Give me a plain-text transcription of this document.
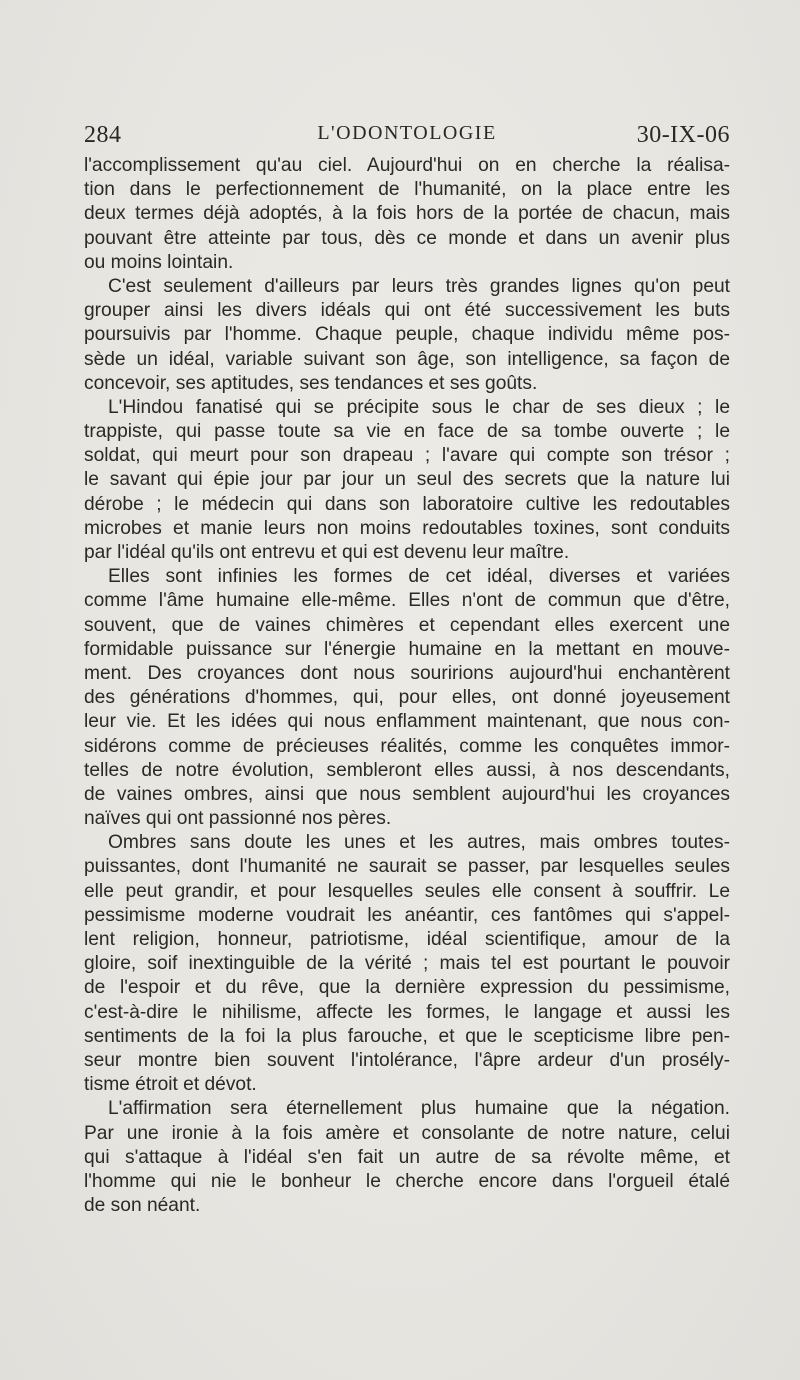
284	L'ODONTOLOGIE	30-IX-06
l'accomplissement qu'au ciel. Aujourd'hui on en cherche la réalisa-
tion dans le perfectionnement de l'humanité, on la place entre les
deux termes déjà adoptés, à la fois hors de la portée de chacun, mais
pouvant être atteinte par tous, dès ce monde et dans un avenir plus
ou moins lointain.
C'est seulement d'ailleurs par leurs très grandes lignes qu'on peut
grouper ainsi les divers idéals qui ont été successivement les buts
poursuivis par l'homme. Chaque peuple, chaque individu même pos-
sède un idéal, variable suivant son âge, son intelligence, sa façon de
concevoir, ses aptitudes, ses tendances et ses goûts.
L'Hindou fanatisé qui se précipite sous le char de ses dieux ; le
trappiste, qui passe toute sa vie en face de sa tombe ouverte ; le
soldat, qui meurt pour son drapeau ; l'avare qui compte son trésor ;
le savant qui épie jour par jour un seul des secrets que la nature lui
dérobe ; le médecin qui dans son laboratoire cultive les redoutables
microbes et manie leurs non moins redoutables toxines, sont conduits
par l'idéal qu'ils ont entrevu et qui est devenu leur maître.
Elles sont infinies les formes de cet idéal, diverses et variées
comme l'âme humaine elle-même. Elles n'ont de commun que d'être,
souvent, que de vaines chimères et cependant elles exercent une
formidable puissance sur l'énergie humaine en la mettant en mouve-
ment. Des croyances dont nous souririons aujourd'hui enchantèrent
des générations d'hommes, qui, pour elles, ont donné joyeusement
leur vie. Et les idées qui nous enflamment maintenant, que nous con-
sidérons comme de précieuses réalités, comme les conquêtes immor-
telles de notre évolution, sembleront elles aussi, à nos descendants,
de vaines ombres, ainsi que nous semblent aujourd'hui les croyances
naïves qui ont passionné nos pères.
Ombres sans doute les unes et les autres, mais ombres toutes-
puissantes, dont l'humanité ne saurait se passer, par lesquelles seules
elle peut grandir, et pour lesquelles seules elle consent à souffrir. Le
pessimisme moderne voudrait les anéantir, ces fantômes qui s'appel-
lent religion, honneur, patriotisme, idéal scientifique, amour de la
gloire, soif inextinguible de la vérité ; mais tel est pourtant le pouvoir
de l'espoir et du rêve, que la dernière expression du pessimisme,
c'est-à-dire le nihilisme, affecte les formes, le langage et aussi les
sentiments de la foi la plus farouche, et que le scepticisme libre pen-
seur montre bien souvent l'intolérance, l'âpre ardeur d'un prosély-
tisme étroit et dévot.
L'affirmation sera éternellement plus humaine que la négation.
Par une ironie à la fois amère et consolante de notre nature, celui
qui s'attaque à l'idéal s'en fait un autre de sa révolte même, et
l'homme qui nie le bonheur le cherche encore dans l'orgueil étalé
de son néant.
